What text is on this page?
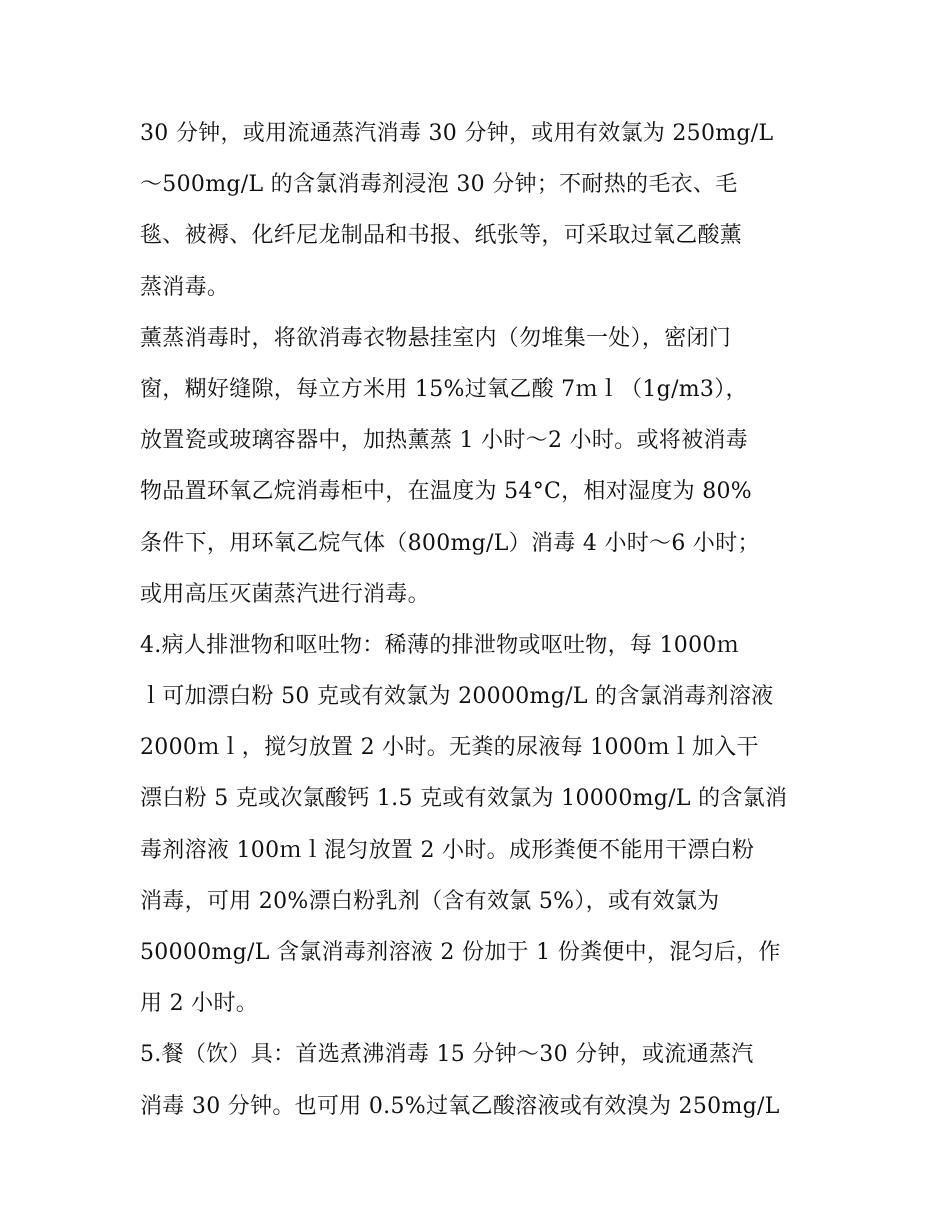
30 分钟，或用流通蒸汽消毒 30 分钟，或用有效氯为 250mg/L
～500mg/L 的含氯消毒剂浸泡 30 分钟；不耐热的毛衣、毛
毯、被褥、化纤尼龙制品和书报、纸张等，可采取过氧乙酸薰
蒸消毒。
薰蒸消毒时，将欲消毒衣物悬挂室内（勿堆集一处），密闭门
窗，糊好缝隙，每立方米用 15%过氧乙酸 7ｍｌ（1g/m3），
放置瓷或玻璃容器中，加热薰蒸 1 小时～2 小时。或将被消毒
物品置环氧乙烷消毒柜中，在温度为 54°C，相对湿度为 80%
条件下，用环氧乙烷气体（800mg/L）消毒 4 小时～6 小时；
或用高压灭菌蒸汽进行消毒。
4.病人排泄物和呕吐物：稀薄的排泄物或呕吐物，每 1000ｍ
ｌ可加漂白粉 50 克或有效氯为 20000mg/L 的含氯消毒剂溶液
2000ｍｌ，搅匀放置 2 小时。无粪的尿液每 1000ｍｌ加入干
漂白粉 5 克或次氯酸钙 1.5 克或有效氯为 10000mg/L 的含氯消
毒剂溶液 100ｍｌ混匀放置 2 小时。成形粪便不能用干漂白粉
消毒，可用 20%漂白粉乳剂（含有效氯 5%），或有效氯为
50000mg/L 含氯消毒剂溶液 2 份加于 1 份粪便中，混匀后，作
用 2 小时。
5.餐（饮）具：首选煮沸消毒 15 分钟～30 分钟，或流通蒸汽
消毒 30 分钟。也可用 0.5%过氧乙酸溶液或有效溴为 250mg/L
